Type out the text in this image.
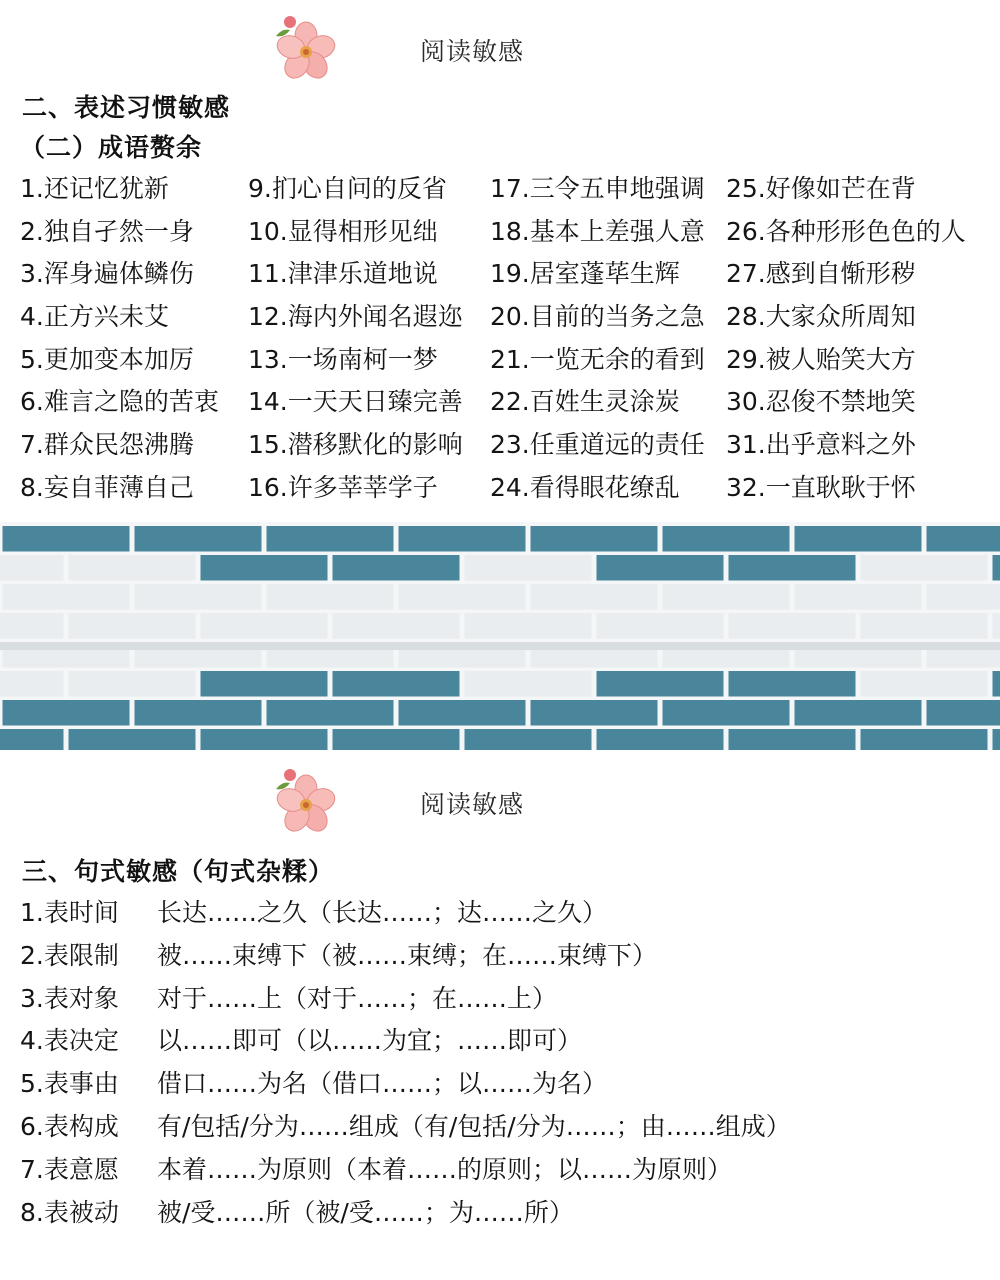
阅读敏感
二、表述习惯敏感
（二）成语赘余
1.还记忆犹新
2.独自孑然一身
3.浑身遍体鳞伤
4.正方兴未艾
5.更加变本加厉
6.难言之隐的苦衷
7.群众民怨沸腾
8.妄自菲薄自己
9.扪心自问的反省
10.显得相形见绌
11.津津乐道地说
12.海内外闻名遐迩
13.一场南柯一梦
14.一天天日臻完善
15.潜移默化的影响
16.许多莘莘学子
17.三令五申地强调
18.基本上差强人意
19.居室蓬荜生辉
20.目前的当务之急
21.一览无余的看到
22.百姓生灵涂炭
23.任重道远的责任
24.看得眼花缭乱
25.好像如芒在背
26.各种形形色色的人
27.感到自惭形秽
28.大家众所周知
29.被人贻笑大方
30.忍俊不禁地笑
31.出乎意料之外
32.一直耿耿于怀
阅读敏感
三、句式敏感（句式杂糅）
1.表时间 长达……之久（长达……；达……之久）
2.表限制 被……束缚下（被……束缚；在……束缚下）
3.表对象 对于……上（对于……；在……上）
4.表决定 以……即可（以……为宜；……即可）
5.表事由 借口……为名（借口……；以……为名）
6.表构成 有/包括/分为……组成（有/包括/分为……；由……组成）
7.表意愿 本着……为原则（本着……的原则；以……为原则）
8.表被动 被/受……所（被/受……；为……所）
